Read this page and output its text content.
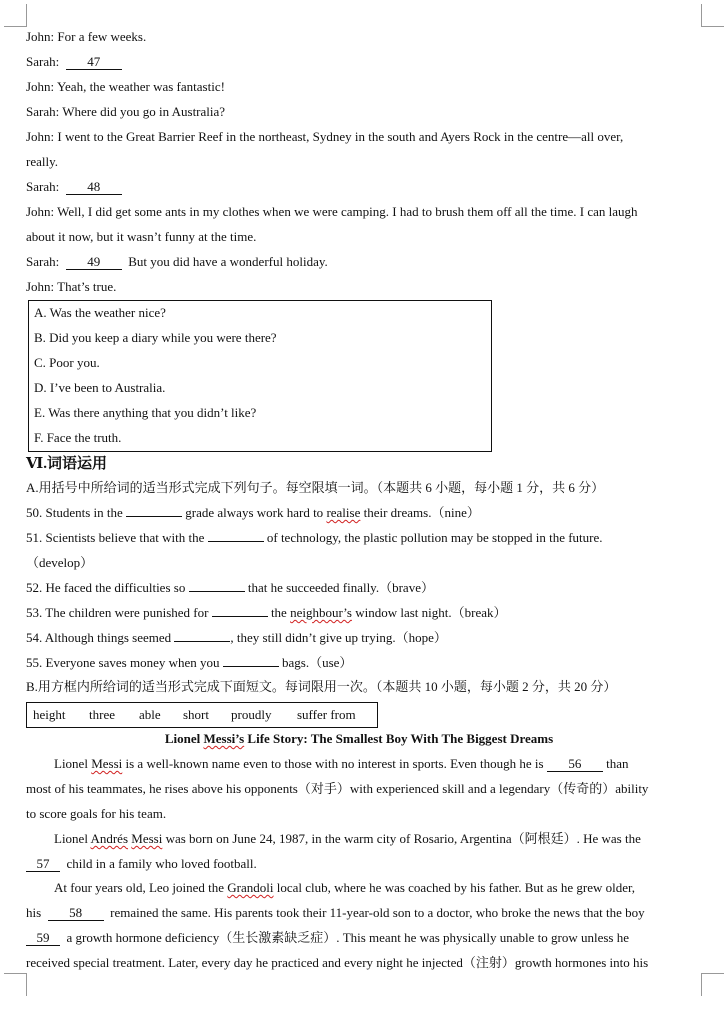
John: For a few weeks.
Sarah: 47
John: Yeah, the weather was fantastic!
Sarah: Where did you go in Australia?
John: I went to the Great Barrier Reef in the northeast, Sydney in the south and Ayers Rock in the centre—all over,
really.
Sarah: 48
John: Well, I did get some ants in my clothes when we were camping. I had to brush them off all the time. I can laugh
about it now, but it wasn’t funny at the time.
Sarah: 49 But you did have a wonderful holiday.
John: That’s true.
A. Was the weather nice?
B. Did you keep a diary while you were there?
C. Poor you.
D. I’ve been to Australia.
E. Was there anything that you didn’t like?
F. Face the truth.
Ⅵ.词语运用
A.用括号中所给词的适当形式完成下列句子。每空限填一词。（本题共 6 小题，每小题 1 分，共 6 分）
50. Students in the	grade always work hard to realise their dreams.（nine）
51. Scientists believe that with the	of technology, the plastic pollution may be stopped in the future.
（develop）
52. He faced the difficulties so	that he succeeded finally.（brave）
53. The children were punished for	the neighbour’s window last night.（break）
54. Although things seemed	, they still didn’t give up trying.（hope）
55. Everyone saves money when you	bags.（use）
B.用方框内所给词的适当形式完成下面短文。每词限用一次。（本题共 10 小题，每小题 2 分，共 20 分）
height three able short proudly suffer from
Lionel Messi’s Life Story: The Smallest Boy With The Biggest Dreams
Lionel Messi is a well-known name even to those with no interest in sports. Even though he is 56 than
most of his teammates, he rises above his opponents（对手）with experienced skill and a legendary（传奇的）ability
to score goals for his team.
Lionel Andrés Messi was born on June 24, 1987, in the warm city of Rosario, Argentina（阿根廷）. He was the
57 child in a family who loved football.
At four years old, Leo joined the Grandoli local club, where he was coached by his father. But as he grew older,
his 58 remained the same. His parents took their 11-year-old son to a doctor, who broke the news that the boy
59 a growth hormone deficiency（生长激素缺乏症）. This meant he was physically unable to grow unless he
received special treatment. Later, every day he practiced and every night he injected（注射）growth hormones into his
